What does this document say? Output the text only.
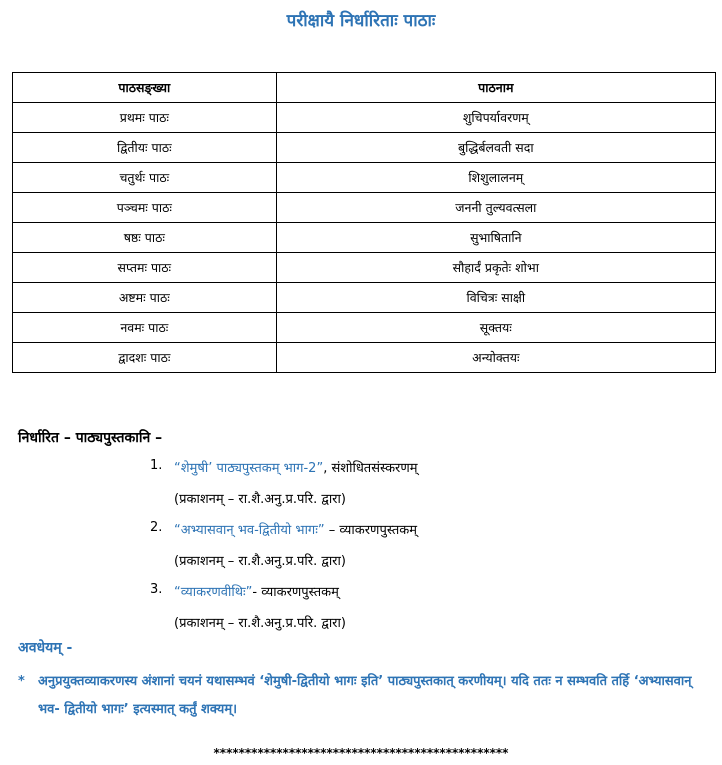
परीक्षायै निर्धारिताः पाठाः
पाठसङ्ख्या	पाठनाम
प्रथमः पाठः	शुचिपर्यावरणम्
द्वितीयः पाठः	बुद्धिर्बलवती सदा
चतुर्थः पाठः	शिशुलालनम्
पञ्चमः पाठः	जननी तुल्यवत्सला
षष्ठः पाठः	सुभाषितानि
सप्तमः पाठः	सौहार्दं प्रकृतेः शोभा
अष्टमः पाठः	विचित्रः साक्षी
नवमः पाठः	सूक्तयः
द्वादशः पाठः	अन्योक्तयः
निर्धारित – पाठ्यपुस्तकानि –
1. “शेमुषी’ पाठ्यपुस्तकम् भाग-2”, संशोधितसंस्करणम्
(प्रकाशनम् – रा.शै.अनु.प्र.परि. द्वारा)
2. “अभ्यासवान् भव-द्वितीयो भागः” – व्याकरणपुस्तकम्
(प्रकाशनम् – रा.शै.अनु.प्र.परि. द्वारा)
3. “व्याकरणवीथिः”- व्याकरणपुस्तकम्
(प्रकाशनम् – रा.शै.अनु.प्र.परि. द्वारा)
अवधेयम् -
* अनुप्रयुक्तव्याकरणस्य अंशानां चयनं यथासम्भवं ‘शेमुषी-द्वितीयो भागः इति’ पाठ्यपुस्तकात् करणीयम्। यदि ततः न सम्भवति तर्हि ‘अभ्यासवान् भव- द्वितीयो भागः’ इत्यस्मात् कर्तुं शक्यम्।
***********************************************
